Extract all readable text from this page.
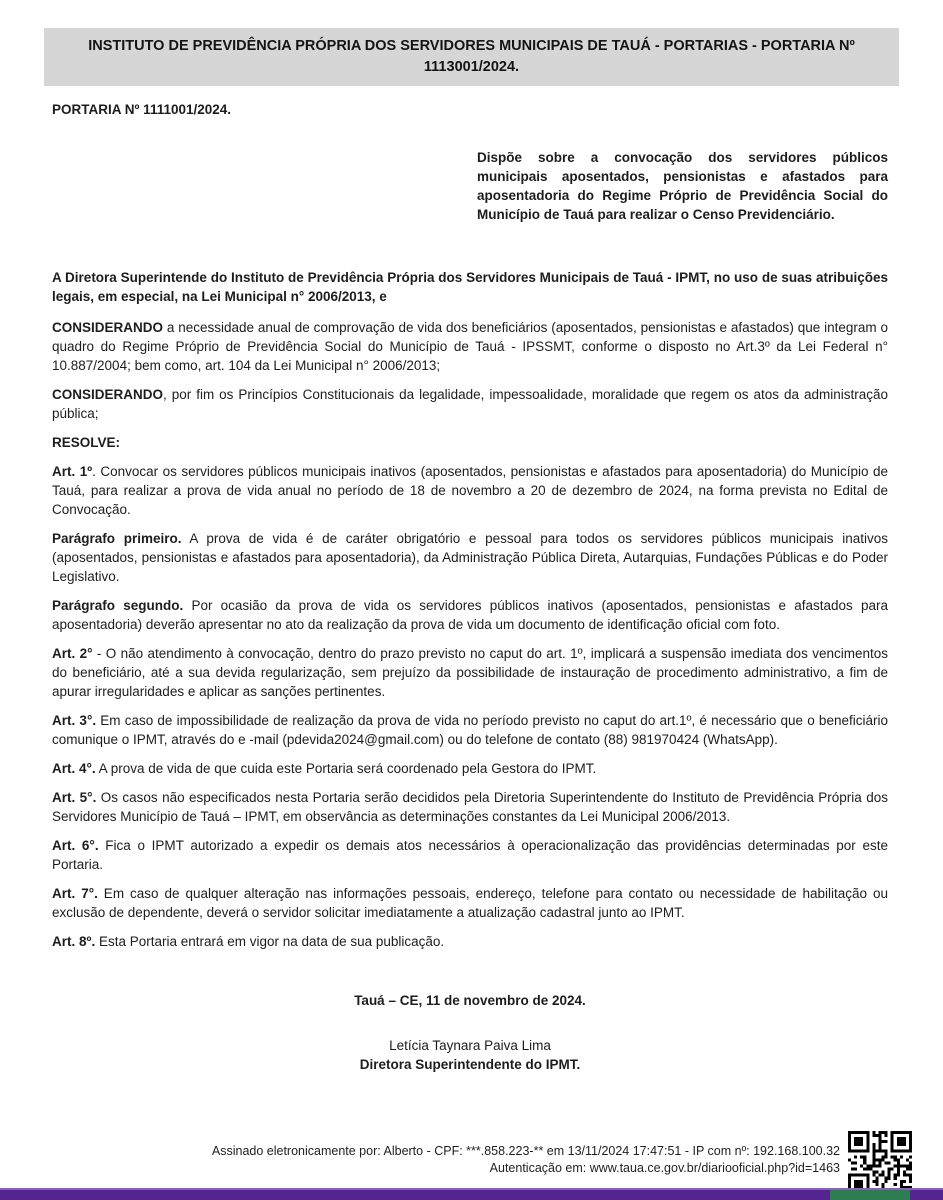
INSTITUTO DE PREVIDÊNCIA PRÓPRIA DOS SERVIDORES MUNICIPAIS DE TAUÁ - PORTARIAS - PORTARIA Nº 1113001/2024.
PORTARIA Nº 1111001/2024.
Dispõe sobre a convocação dos servidores públicos municipais aposentados, pensionistas e afastados para aposentadoria do Regime Próprio de Previdência Social do Município de Tauá para realizar o Censo Previdenciário.
A Diretora Superintende do Instituto de Previdência Própria dos Servidores Municipais de Tauá - IPMT, no uso de suas atribuições legais, em especial, na Lei Municipal n° 2006/2013, e
CONSIDERANDO a necessidade anual de comprovação de vida dos beneficiários (aposentados, pensionistas e afastados) que integram o quadro do Regime Próprio de Previdência Social do Município de Tauá - IPSSMT, conforme o disposto no Art.3º da Lei Federal n° 10.887/2004; bem como, art. 104 da Lei Municipal n° 2006/2013;
CONSIDERANDO, por fim os Princípios Constitucionais da legalidade, impessoalidade, moralidade que regem os atos da administração pública;
RESOLVE:
Art. 1º. Convocar os servidores públicos municipais inativos (aposentados, pensionistas e afastados para aposentadoria) do Município de Tauá, para realizar a prova de vida anual no período de 18 de novembro a 20 de dezembro de 2024, na forma prevista no Edital de Convocação.
Parágrafo primeiro. A prova de vida é de caráter obrigatório e pessoal para todos os servidores públicos municipais inativos (aposentados, pensionistas e afastados para aposentadoria), da Administração Pública Direta, Autarquias, Fundações Públicas e do Poder Legislativo.
Parágrafo segundo. Por ocasião da prova de vida os servidores públicos inativos (aposentados, pensionistas e afastados para aposentadoria) deverão apresentar no ato da realização da prova de vida um documento de identificação oficial com foto.
Art. 2° - O não atendimento à convocação, dentro do prazo previsto no caput do art. 1º, implicará a suspensão imediata dos vencimentos do beneficiário, até a sua devida regularização, sem prejuízo da possibilidade de instauração de procedimento administrativo, a fim de apurar irregularidades e aplicar as sanções pertinentes.
Art. 3°. Em caso de impossibilidade de realização da prova de vida no período previsto no caput do art.1º, é necessário que o beneficiário comunique o IPMT, através do e -mail (pdevida2024@gmail.com) ou do telefone de contato (88) 981970424 (WhatsApp).
Art. 4°. A prova de vida de que cuida este Portaria será coordenado pela Gestora do IPMT.
Art. 5°. Os casos não especificados nesta Portaria serão decididos pela Diretoria Superintendente do Instituto de Previdência Própria dos Servidores Município de Tauá – IPMT, em observância as determinações constantes da Lei Municipal 2006/2013.
Art. 6°. Fica o IPMT autorizado a expedir os demais atos necessários à operacionalização das providências determinadas por este Portaria.
Art. 7°. Em caso de qualquer alteração nas informações pessoais, endereço, telefone para contato ou necessidade de habilitação ou exclusão de dependente, deverá o servidor solicitar imediatamente a atualização cadastral junto ao IPMT.
Art. 8º. Esta Portaria entrará em vigor na data de sua publicação.
Tauá – CE, 11 de novembro de 2024.
Letícia Taynara Paiva Lima
Diretora Superintendente do IPMT.
Assinado eletronicamente por: Alberto - CPF: ***.858.223-** em 13/11/2024 17:47:51 - IP com nº: 192.168.100.32
Autenticação em: www.taua.ce.gov.br/diariooficial.php?id=1463
